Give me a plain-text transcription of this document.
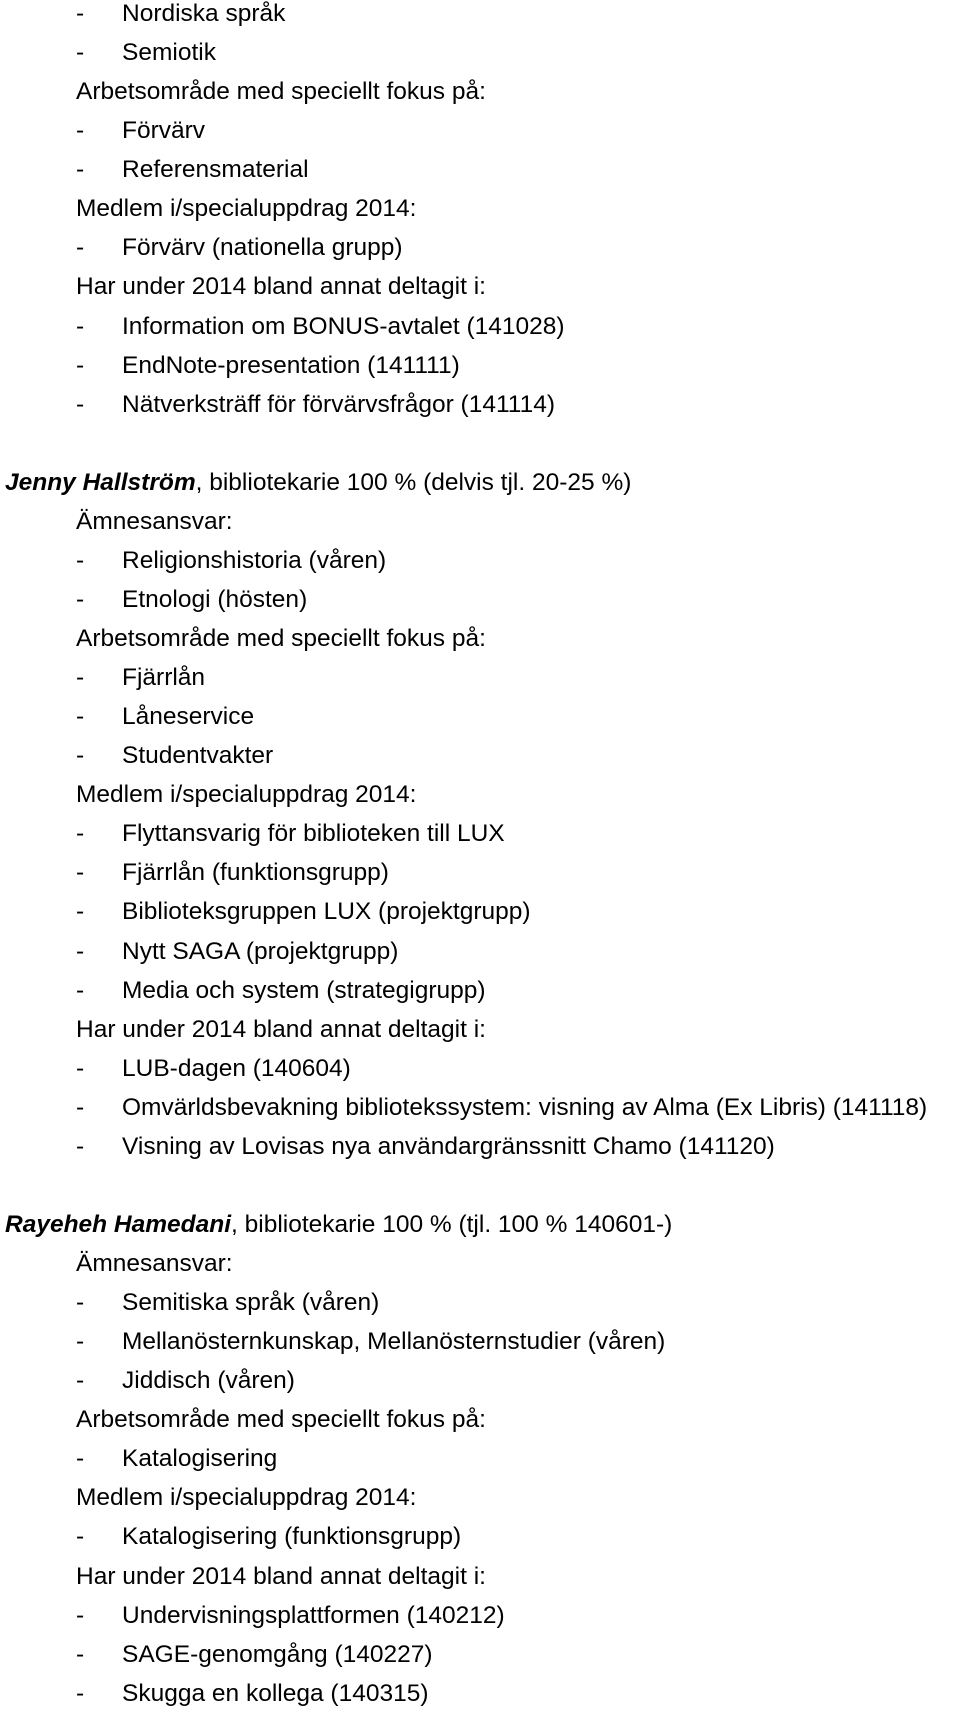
- Nordiska språk
- Semiotik
Arbetsområde med speciellt fokus på:
- Förvärv
- Referensmaterial
Medlem i/specialuppdrag 2014:
- Förvärv (nationella grupp)
Har under 2014 bland annat deltagit i:
- Information om BONUS-avtalet (141028)
- EndNote-presentation (141111)
- Nätverksträff för förvärvsfrågor (141114)
Jenny Hallström, bibliotekarie 100 % (delvis tjl. 20-25 %)
Ämnesansvar:
- Religionshistoria (våren)
- Etnologi (hösten)
Arbetsområde med speciellt fokus på:
- Fjärrlån
- Låneservice
- Studentvakter
Medlem i/specialuppdrag 2014:
- Flyttansvarig för biblioteken till LUX
- Fjärrlån (funktionsgrupp)
- Biblioteksgruppen LUX (projektgrupp)
- Nytt SAGA (projektgrupp)
- Media och system (strategigrupp)
Har under 2014 bland annat deltagit i:
- LUB-dagen (140604)
- Omvärldsbevakning bibliotekssystem: visning av Alma (Ex Libris) (141118)
- Visning av Lovisas nya användargränssnitt Chamo (141120)
Rayeheh Hamedani, bibliotekarie 100 % (tjl. 100 % 140601-)
Ämnesansvar:
- Semitiska språk (våren)
- Mellanösternkunskap, Mellanösternstudier (våren)
- Jiddisch (våren)
Arbetsområde med speciellt fokus på:
- Katalogisering
Medlem i/specialuppdrag 2014:
- Katalogisering (funktionsgrupp)
Har under 2014 bland annat deltagit i:
- Undervisningsplattformen (140212)
- SAGE-genomgång (140227)
- Skugga en kollega (140315)
